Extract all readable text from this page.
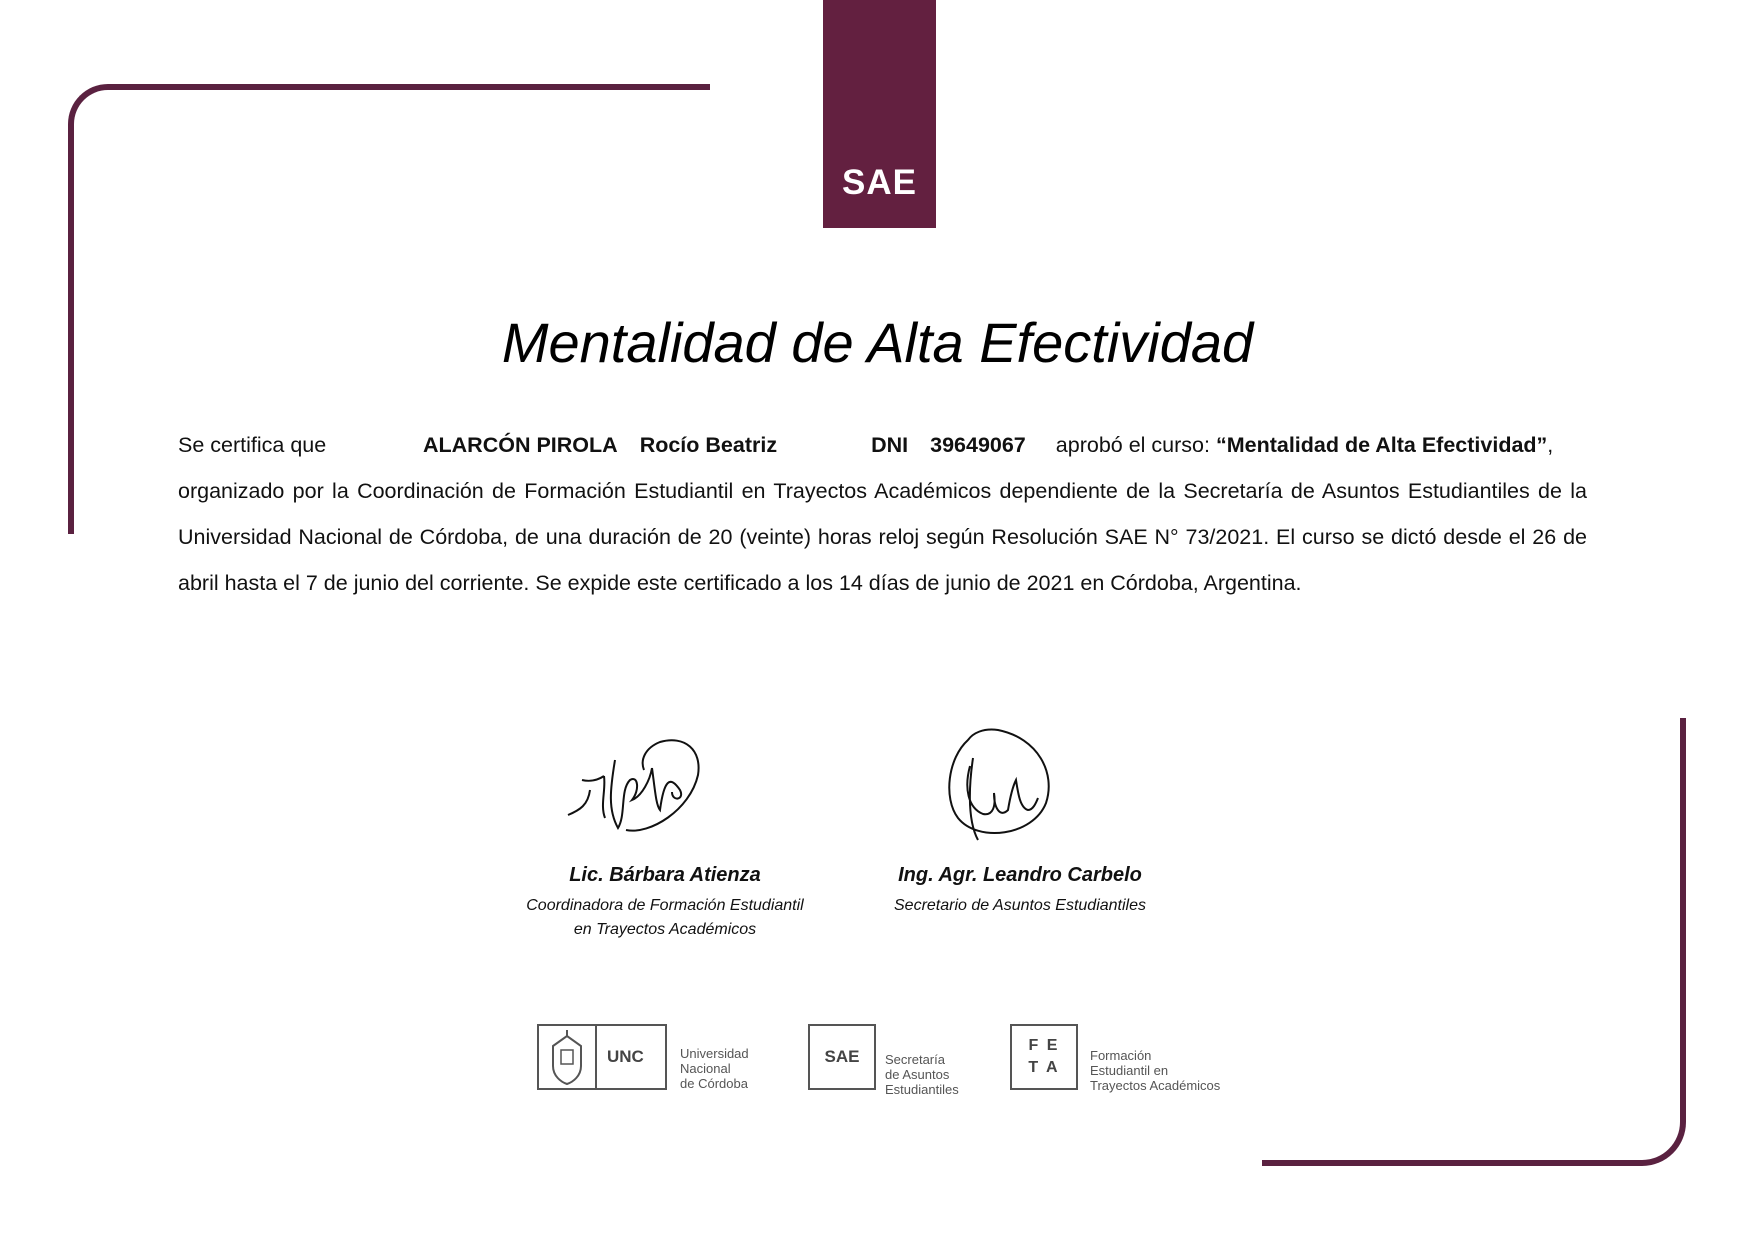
SAE
Mentalidad de Alta Efectividad
Se certifica que	ALARCÓN PIROLA Rocío Beatriz	DNI 39649067 aprobó el curso: “Mentalidad de Alta Efectividad” ,
organizado por la Coordinación de Formación Estudiantil en Trayectos Académicos dependiente de la Secretaría de Asuntos Estudiantiles de la Universidad Nacional de Córdoba, de una duración de 20 (veinte) horas reloj según Resolución SAE N° 73/2021. El curso se dictó desde el 26 de abril hasta el 7 de junio del corriente. Se expide este certificado a los 14 días de junio de 2021 en Córdoba, Argentina.
Lic. Bárbara Atienza
Coordinadora de Formación Estudiantil
en Trayectos Académicos
Ing. Agr. Leandro Carbelo
Secretario de Asuntos Estudiantiles
UNC	Universidad
Nacional
de Córdoba
SAE Secretaría
de Asuntos
Estudiantiles
F E
T A
Formación
Estudiantil en
Trayectos Académicos
